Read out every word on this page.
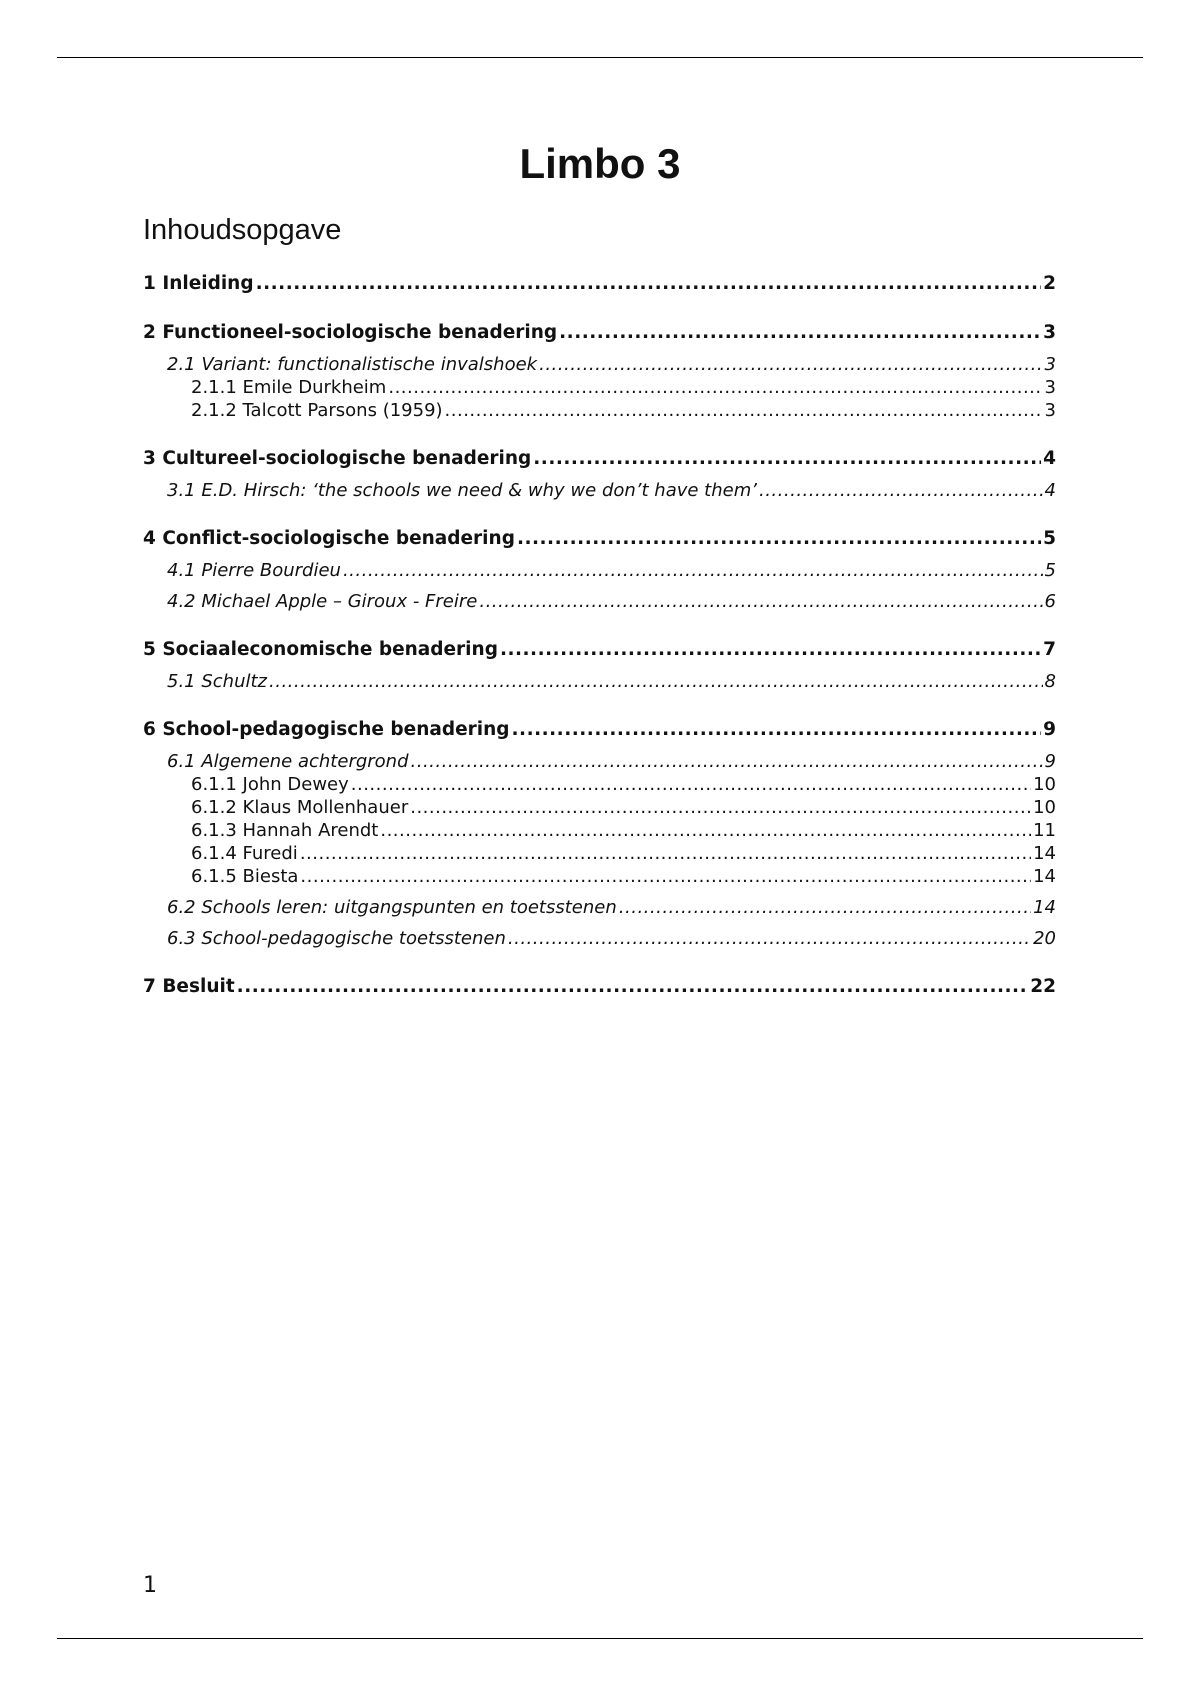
Limbo 3
Inhoudsopgave
1 Inleiding .....	2
2 Functioneel-sociologische benadering .....	3
2.1 Variant: functionalistische invalshoek .....	3
2.1.1 Emile Durkheim .....	3
2.1.2 Talcott Parsons (1959) .....	3
3 Cultureel-sociologische benadering .....	4
3.1 E.D. Hirsch: ‘the schools we need & why we don’t have them’ .....	4
4 Conflict-sociologische benadering .....	5
4.1 Pierre Bourdieu .....	5
4.2 Michael Apple – Giroux - Freire .....	6
5 Sociaaleconomische benadering .....	7
5.1 Schultz .....	8
6 School-pedagogische benadering .....	9
6.1 Algemene achtergrond .....	9
6.1.1 John Dewey .....	10
6.1.2 Klaus Mollenhauer .....	10
6.1.3 Hannah Arendt .....	11
6.1.4 Furedi .....	14
6.1.5 Biesta .....	14
6.2 Schools leren: uitgangspunten en toetsstenen .....	14
6.3 School-pedagogische toetsstenen .....	20
7 Besluit .....	22
1
